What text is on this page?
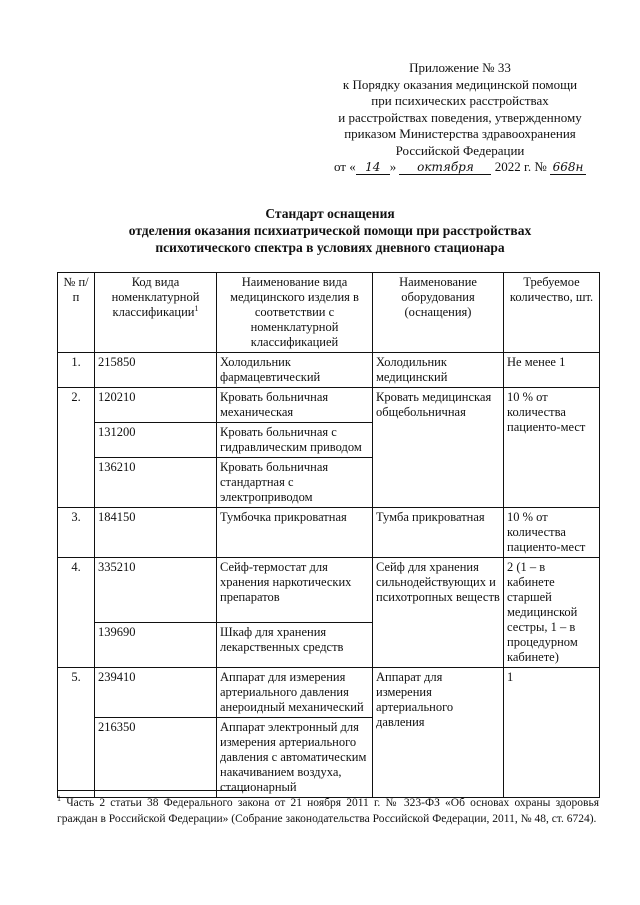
Приложение № 33
к Порядку оказания медицинской помощи
при психических расстройствах
и расстройствах поведения, утвержденному
приказом Министерства здравоохранения
Российской Федерации
от « 14 » октября 2022 г. № 668н
Стандарт оснащения
отделения оказания психиатрической помощи при расстройствах
психотического спектра в условиях дневного стационара
№ п/п	Код вида номенклатурной классификации$^1$	Наименование вида медицинского изделия в соответствии с номенклатурной классификацией	Наименование оборудования (оснащения)	Требуемое количество, шт.
1.	215850	Холодильник фармацевтический	Холодильник медицинский	Не менее 1
2.	120210	Кровать больничная механическая	Кровать медицинская общебольничная	10 % от количества пациенто-мест
	131200	Кровать больничная с гидравлическим приводом		
	136210	Кровать больничная стандартная с электроприводом		
3.	184150	Тумбочка прикроватная	Тумба прикроватная	10 % от количества пациенто-мест
4.	335210	Сейф-термостат для хранения наркотических препаратов	Сейф для хранения сильнодействующих и психотропных веществ	2 (1 – в кабинете старшей медицинской сестры, 1 – в процедурном кабинете)
	139690	Шкаф для хранения лекарственных средств		
5.	239410	Аппарат для измерения артериального давления анероидный механический	Аппарат для измерения артериального давления	1
	216350	Аппарат электронный для измерения артериального давления с автоматическим накачиванием воздуха, стационарный		
$^1$ Часть 2 статьи 38 Федерального закона от 21 ноября 2011 г. № 323-ФЗ «Об основах охраны здоровья граждан в Российской Федерации» (Собрание законодательства Российской Федерации, 2011, № 48, ст. 6724).
